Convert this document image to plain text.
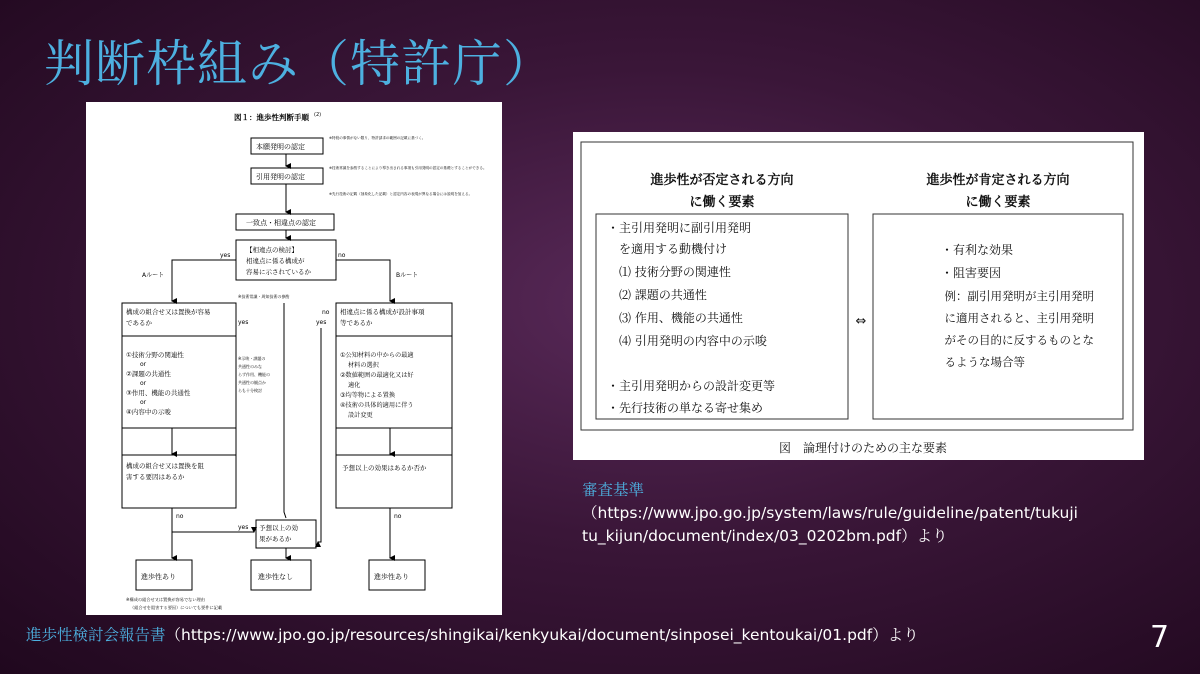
判断枠組み（特許庁）
図１：進歩性判断手順 (2)
本願発明の認定
※特段の事情がない限り、特許請求の範囲の記載に基づく。
引用発明の認定
※技術常識を参酌することにより導き出される事項も引用発明の認定の基礎とすることができる。
※先行技術の記載（抽象化した記載）と認定内容の表現が異なる場合には説明を加える。
一致点・相違点の認定
【相違点の検討】
相違点に係る構成が
容易に示されているか
yes	no
Aルート	Bルート
※技術常識・周知技術の参酌
構成の組合せ又は置換が容易
であるか	yes	yes
no
①技術分野の関連性
or
②課題の共通性
or
③作用、機能の共通性
or
④内容中の示唆
※示唆・課題の
共通性のみな
らず作用、機能の
共通性の観点か
らも十分検討
構成の組合せ又は置換を阻
害する要因はあるか
相違点に係る構成が設計事項
等であるか
①公知材料の中からの最適
材料の選択
②数値範囲の最適化又は好
適化
③均等物による置換
④技術の具体的適用に伴う
設計変更
予想以上の効果はあるか否か
no
yes
no
予想以上の効
果があるか
進歩性あり	進歩性なし	進歩性あり
※構成の組合せ又は置換が容易でない理由
（組合せを阻害する要因）についても要件に記載
進歩性が否定される方向
に働く要素
進歩性が肯定される方向
に働く要素
・主引用発明に副引用発明
　を適用する動機付け
　⑴ 技術分野の関連性
　⑵ 課題の共通性
　⑶ 作用、機能の共通性
　⑷ 引用発明の内容中の示唆
・主引用発明からの設計変更等
・先行技術の単なる寄せ集め
⇔
・有利な効果
・阻害要因
　例：副引用発明が主引用発明
　に適用されると、主引用発明
　がその目的に反するものとな
　るような場合等
図　論理付けのための主な要素
審査基準
（https://www.jpo.go.jp/system/laws/rule/guideline/patent/tukuji tu_kijun/document/index/03_0202bm.pdf）より
進歩性検討会報告書（https://www.jpo.go.jp/resources/shingikai/kenkyukai/document/sinposei_kentoukai/01.pdf）より	7
